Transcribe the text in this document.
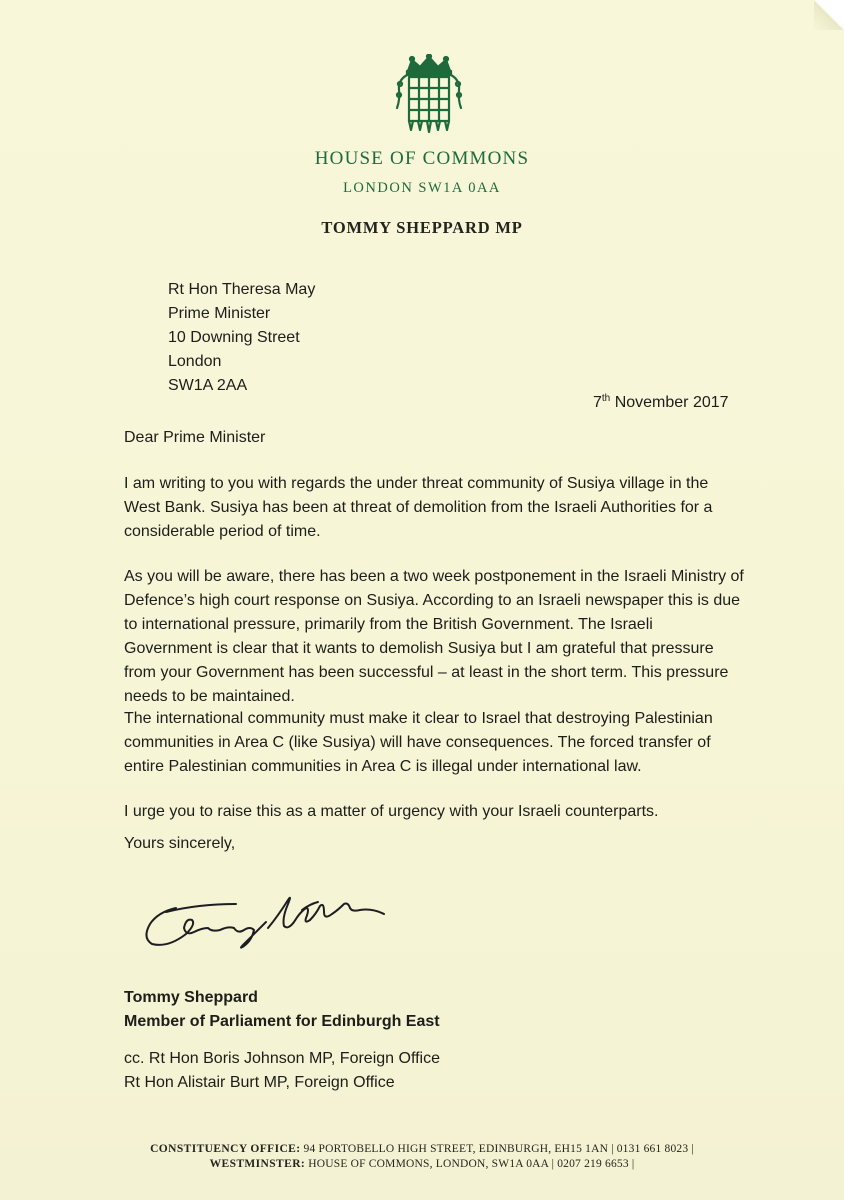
HOUSE OF COMMONS
LONDON SW1A 0AA
TOMMY SHEPPARD MP
Rt Hon Theresa May
Prime Minister
10 Downing Street
London
SW1A 2AA
7th November 2017
Dear Prime Minister
I am writing to you with regards the under threat community of Susiya village in the West Bank. Susiya has been at threat of demolition from the Israeli Authorities for a considerable period of time.
As you will be aware, there has been a two week postponement in the Israeli Ministry of Defence’s high court response on Susiya. According to an Israeli newspaper this is due to international pressure, primarily from the British Government. The Israeli Government is clear that it wants to demolish Susiya but I am grateful that pressure from your Government has been successful – at least in the short term. This pressure needs to be maintained.
The international community must make it clear to Israel that destroying Palestinian communities in Area C (like Susiya) will have consequences. The forced transfer of entire Palestinian communities in Area C is illegal under international law.
I urge you to raise this as a matter of urgency with your Israeli counterparts.
Yours sincerely,
Tommy Sheppard
Member of Parliament for Edinburgh East
cc. Rt Hon Boris Johnson MP, Foreign Office
Rt Hon Alistair Burt MP, Foreign Office
CONSTITUENCY OFFICE: 94 PORTOBELLO HIGH STREET, EDINBURGH, EH15 1AN | 0131 661 8023 |
WESTMINSTER: HOUSE OF COMMONS, LONDON, SW1A 0AA | 0207 219 6653 |
